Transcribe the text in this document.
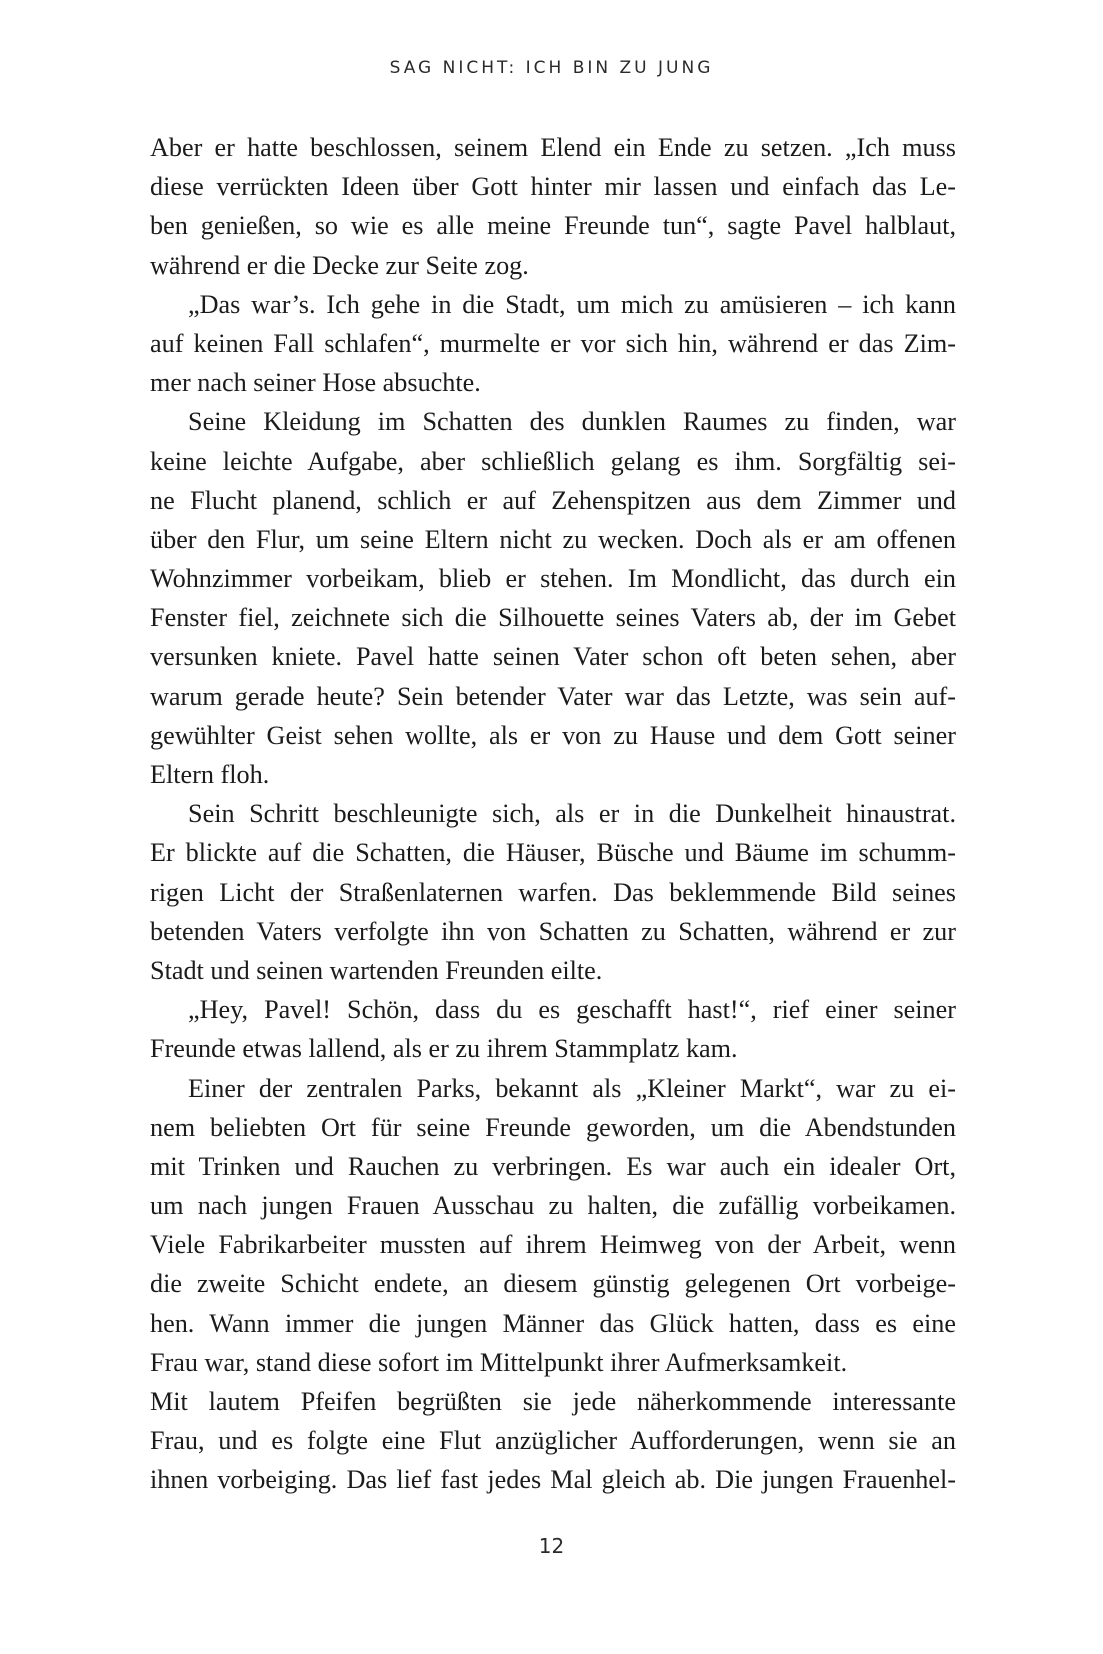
SAG NICHT: ICH BIN ZU JUNG
Aber er hatte beschlossen, seinem Elend ein Ende zu setzen. „Ich muss
diese verrückten Ideen über Gott hinter mir lassen und einfach das Le-
ben genießen, so wie es alle meine Freunde tun“, sagte Pavel halblaut,
während er die Decke zur Seite zog.
„Das war’s. Ich gehe in die Stadt, um mich zu amüsieren – ich kann
auf keinen Fall schlafen“, murmelte er vor sich hin, während er das Zim-
mer nach seiner Hose absuchte.
Seine Kleidung im Schatten des dunklen Raumes zu finden, war
keine leichte Aufgabe, aber schließlich gelang es ihm. Sorgfältig sei-
ne Flucht planend, schlich er auf Zehenspitzen aus dem Zimmer und
über den Flur, um seine Eltern nicht zu wecken. Doch als er am offenen
Wohnzimmer vorbeikam, blieb er stehen. Im Mondlicht, das durch ein
Fenster fiel, zeichnete sich die Silhouette seines Vaters ab, der im Gebet
versunken kniete. Pavel hatte seinen Vater schon oft beten sehen, aber
warum gerade heute? Sein betender Vater war das Letzte, was sein auf-
gewühlter Geist sehen wollte, als er von zu Hause und dem Gott seiner
Eltern floh.
Sein Schritt beschleunigte sich, als er in die Dunkelheit hinaustrat.
Er blickte auf die Schatten, die Häuser, Büsche und Bäume im schumm-
rigen Licht der Straßenlaternen warfen. Das beklemmende Bild seines
betenden Vaters verfolgte ihn von Schatten zu Schatten, während er zur
Stadt und seinen wartenden Freunden eilte.
„Hey, Pavel! Schön, dass du es geschafft hast!“, rief einer seiner
Freunde etwas lallend, als er zu ihrem Stammplatz kam.
Einer der zentralen Parks, bekannt als „Kleiner Markt“, war zu ei-
nem beliebten Ort für seine Freunde geworden, um die Abendstunden
mit Trinken und Rauchen zu verbringen. Es war auch ein idealer Ort,
um nach jungen Frauen Ausschau zu halten, die zufällig vorbeikamen.
Viele Fabrikarbeiter mussten auf ihrem Heimweg von der Arbeit, wenn
die zweite Schicht endete, an diesem günstig gelegenen Ort vorbeige-
hen. Wann immer die jungen Männer das Glück hatten, dass es eine
Frau war, stand diese sofort im Mittelpunkt ihrer Aufmerksamkeit.
Mit lautem Pfeifen begrüßten sie jede näherkommende interessante
Frau, und es folgte eine Flut anzüglicher Aufforderungen, wenn sie an
ihnen vorbeiging. Das lief fast jedes Mal gleich ab. Die jungen Frauenhel-
12
